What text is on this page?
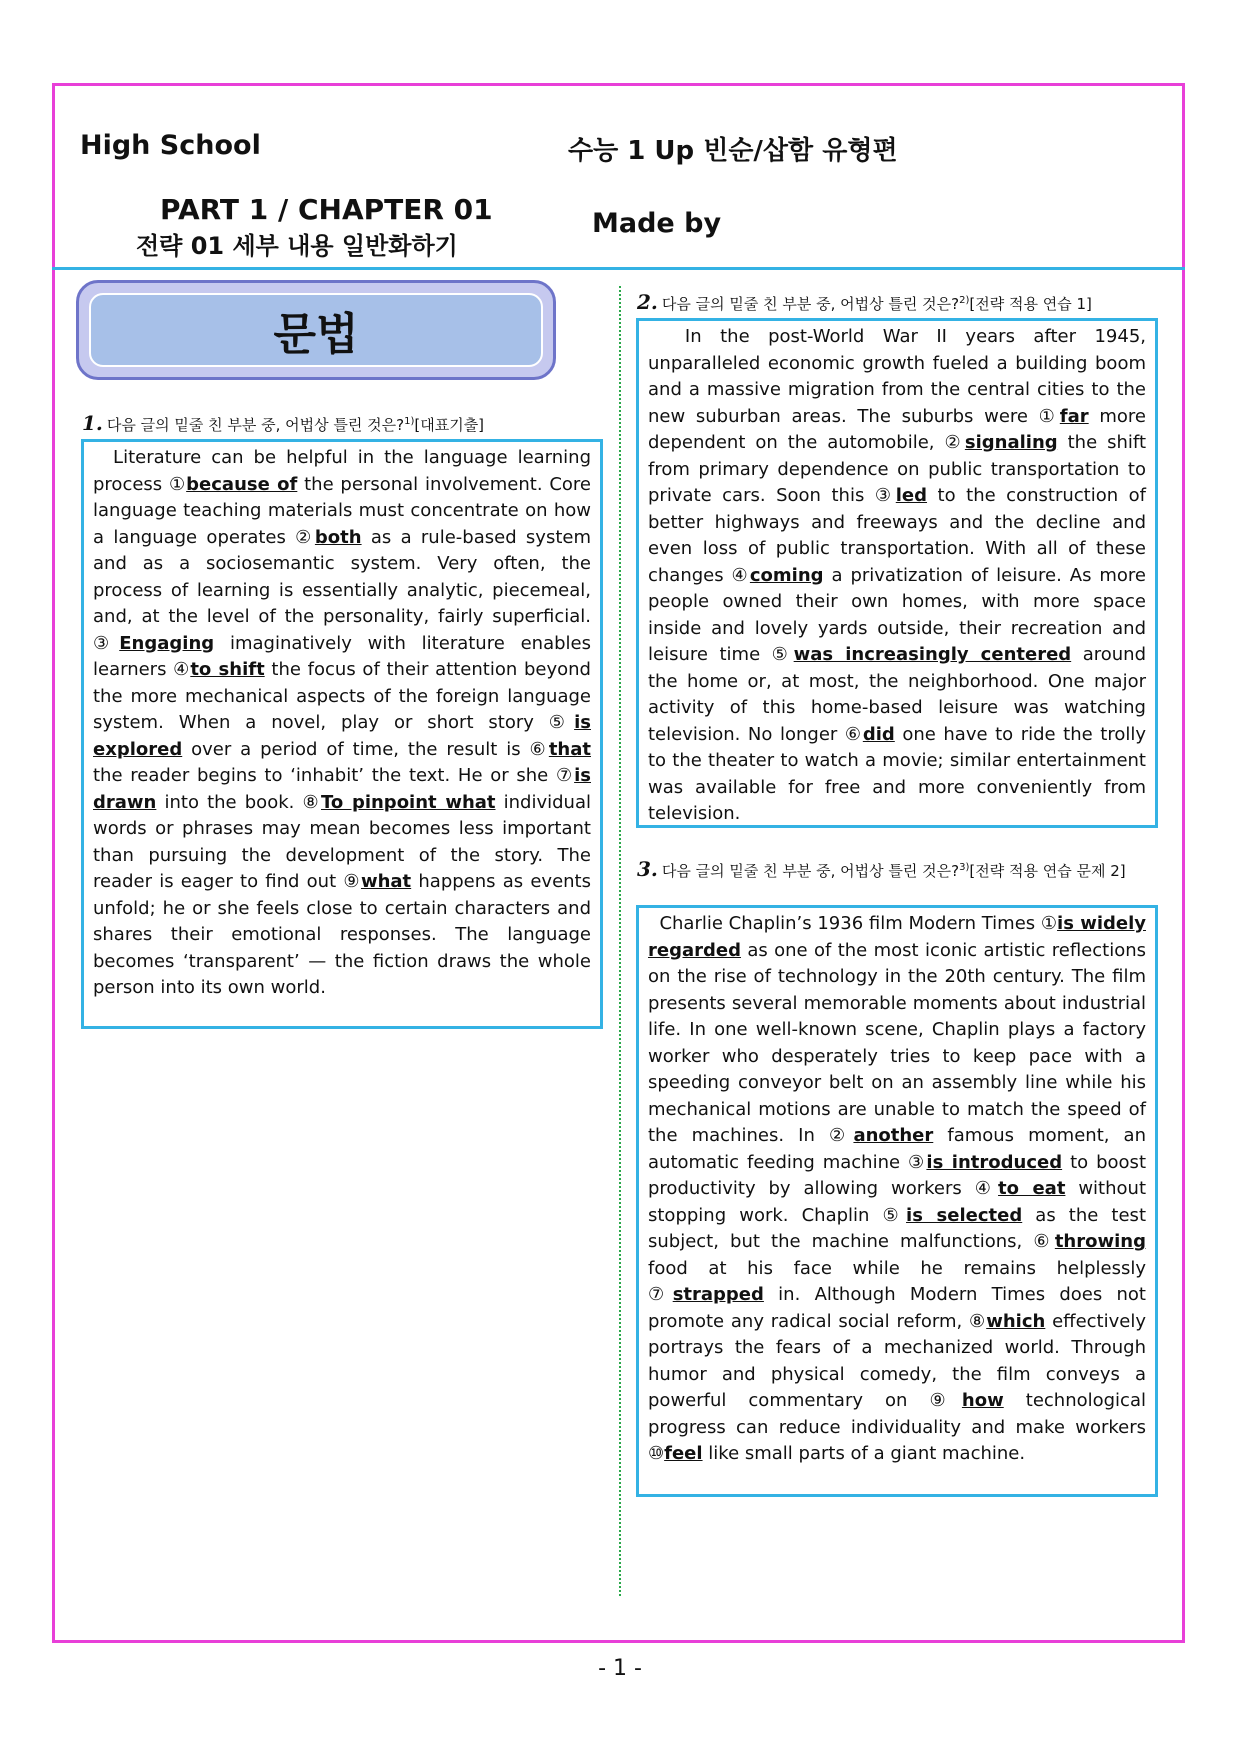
High School	수능 1 Up 빈순/삽함 유형편
PART 1 / CHAPTER 01
전략 01 세부 내용 일반화하기
Made by
문법
1. 다음 글의 밑줄 친 부분 중, 어법상 틀린 것은?$^{1)}$[대표기출]
Literature can be helpful in the language learning process ①because of the personal involvement. Core language teaching materials must concentrate on how a language operates ②both as a rule-based system and as a sociosemantic system. Very often, the process of learning is essentially analytic, piecemeal, and, at the level of the personality, fairly superficial. ③Engaging imaginatively with literature enables learners ④to shift the focus of their attention beyond the more mechanical aspects of the foreign language system. When a novel, play or short story ⑤is explored over a period of time, the result is ⑥that the reader begins to ‘inhabit’ the text. He or she ⑦is drawn into the book. ⑧To pinpoint what individual words or phrases may mean becomes less important than pursuing the development of the story. The reader is eager to find out ⑨what happens as events unfold; he or she feels close to certain characters and shares their emotional responses. The language becomes ‘transparent’ — the fiction draws the whole person into its own world.
2. 다음 글의 밑줄 친 부분 중, 어법상 틀린 것은?$^{2)}$[전략 적용 연습 1]
In the post-World War II years after 1945, unparalleled economic growth fueled a building boom and a massive migration from the central cities to the new suburban areas. The suburbs were ①far more dependent on the automobile, ②signaling the shift from primary dependence on public transportation to private cars. Soon this ③led to the construction of better highways and freeways and the decline and even loss of public transportation. With all of these changes ④coming a privatization of leisure. As more people owned their own homes, with more space inside and lovely yards outside, their recreation and leisure time ⑤was increasingly centered around the home or, at most, the neighborhood. One major activity of this home-based leisure was watching television. No longer ⑥did one have to ride the trolly to the theater to watch a movie; similar entertainment was available for free and more conveniently from television.
3. 다음 글의 밑줄 친 부분 중, 어법상 틀린 것은?$^{3)}$[전략 적용 연습 문제 2]
Charlie Chaplin’s 1936 film Modern Times ①is widely regarded as one of the most iconic artistic reflections on the rise of technology in the 20th century. The film presents several memorable moments about industrial life. In one well-known scene, Chaplin plays a factory worker who desperately tries to keep pace with a speeding conveyor belt on an assembly line while his mechanical motions are unable to match the speed of the machines. In ②another famous moment, an automatic feeding machine ③is introduced to boost productivity by allowing workers ④to eat without stopping work. Chaplin ⑤is selected as the test subject, but the machine malfunctions, ⑥throwing food at his face while he remains helplessly ⑦strapped in. Although Modern Times does not promote any radical social reform, ⑧which effectively portrays the fears of a mechanized world. Through humor and physical comedy, the film conveys a powerful commentary on ⑨how technological progress can reduce individuality and make workers ⑩feel like small parts of a giant machine.
- 1 -
